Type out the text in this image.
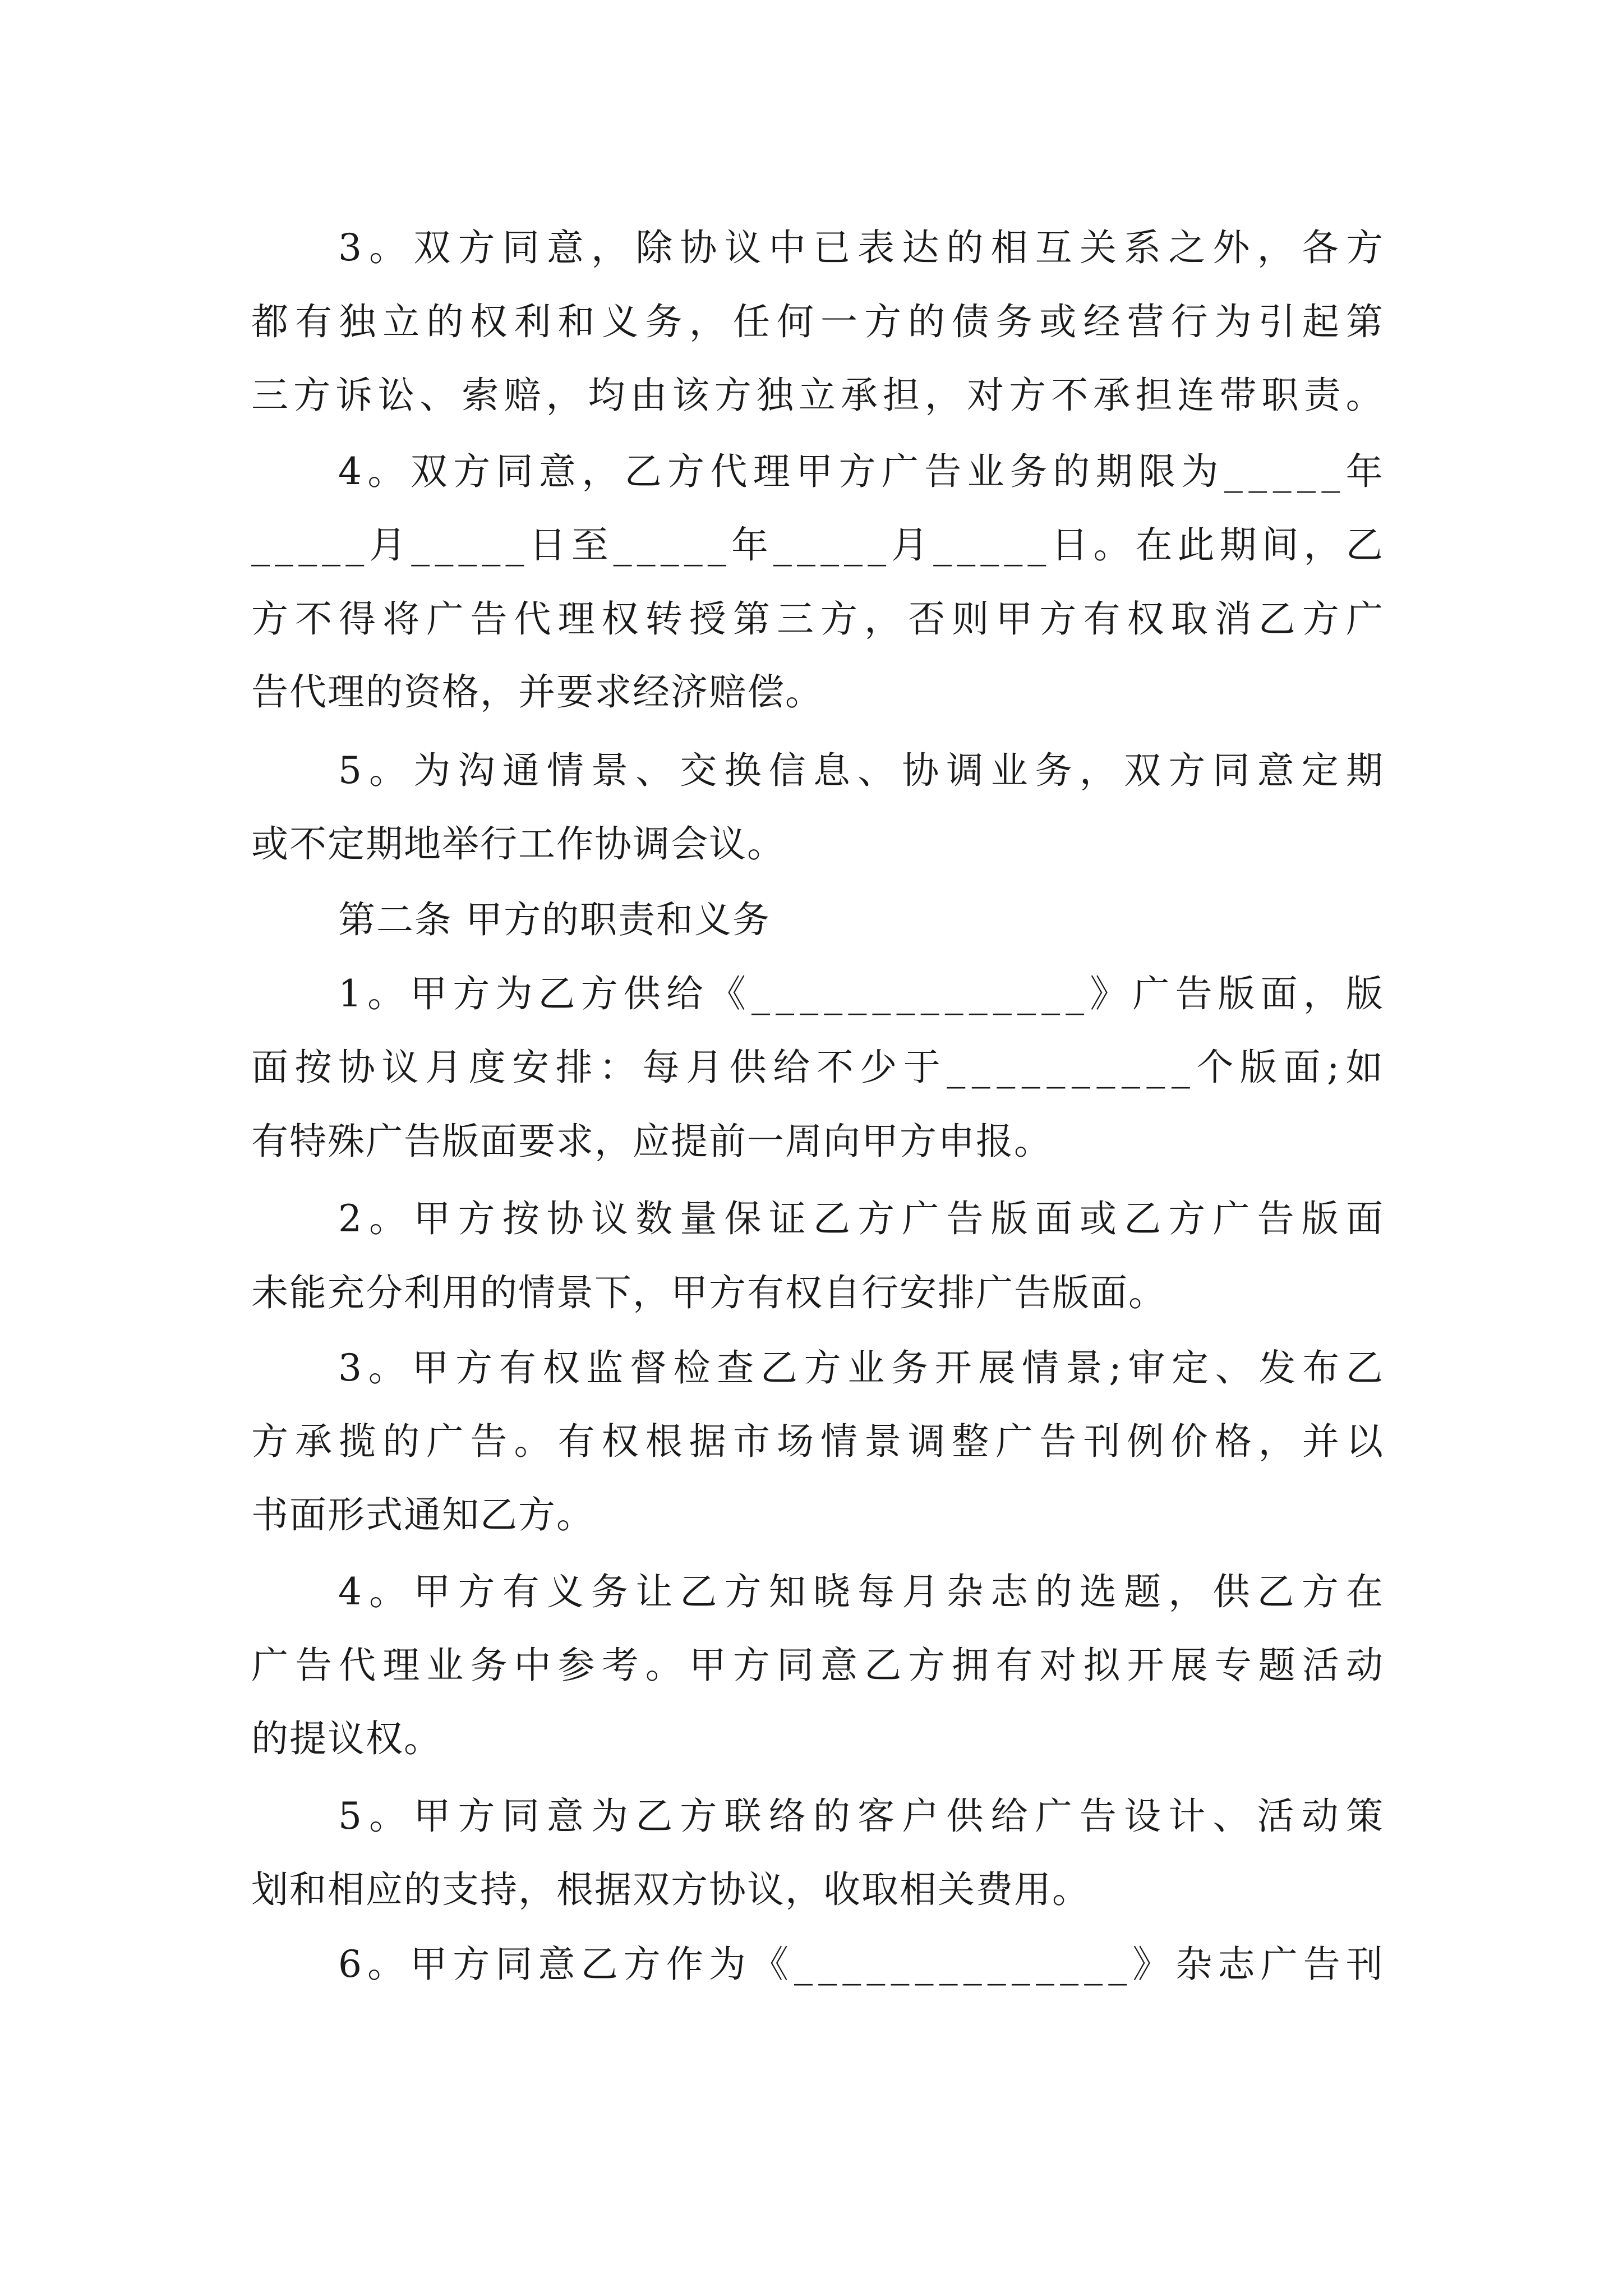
3 。 双 方 同 意 ， 除 协 议 中 已 表 达 的 相 互 关 系 之 外 ， 各 方
都 有 独 立 的 权 利 和 义 务 ， 任 何 一 方 的 债 务 或 经 营 行 为 引 起 第
三 方 诉 讼 、 索 赔 ， 均 由 该 方 独 立 承 担 ， 对 方 不 承 担 连 带 职 责 。
4 。 双 方 同 意 ， 乙 方 代 理 甲 方 广 告 业 务 的 期 限 为 _ _ _ _ _ 年
_ _ _ _ _ 月 _ _ _ _ _ 日 至 _ _ _ _ _ 年 _ _ _ _ _ 月 _ _ _ _ _ 日 。 在 此 期 间 ， 乙
方 不 得 将 广 告 代 理 权 转 授 第 三 方 ， 否 则 甲 方 有 权 取 消 乙 方 广
告代理的资格，并要求经济赔偿。
5 。 为 沟 通 情 景 、 交 换 信 息 、 协 调 业 务 ， 双 方 同 意 定 期
或不定期地举行工作协调会议。
第二条 甲方的职责和义务
1 。 甲 方 为 乙 方 供 给 《 _ _ _ _ _ _ _ _ _ _ _ _ _ _ 》 广 告 版 面 ， 版
面 按 协 议 月 度 安 排 ： 每 月 供 给 不 少 于 _ _ _ _ _ _ _ _ _ _ 个 版 面 ; 如
有特殊广告版面要求，应提前一周向甲方申报。
2 。 甲 方 按 协 议 数 量 保 证 乙 方 广 告 版 面 或 乙 方 广 告 版 面
未能充分利用的情景下，甲方有权自行安排广告版面。
3 。 甲 方 有 权 监 督 检 查 乙 方 业 务 开 展 情 景 ; 审 定 、 发 布 乙
方 承 揽 的 广 告 。 有 权 根 据 市 场 情 景 调 整 广 告 刊 例 价 格 ， 并 以
书面形式通知乙方。
4 。 甲 方 有 义 务 让 乙 方 知 晓 每 月 杂 志 的 选 题 ， 供 乙 方 在
广 告 代 理 业 务 中 参 考 。 甲 方 同 意 乙 方 拥 有 对 拟 开 展 专 题 活 动
的提议权。
5 。 甲 方 同 意 为 乙 方 联 络 的 客 户 供 给 广 告 设 计 、 活 动 策
划和相应的支持，根据双方协议，收取相关费用。
6 。 甲 方 同 意 乙 方 作 为 《 _ _ _ _ _ _ _ _ _ _ _ _ _ _ 》 杂 志 广 告 刊
